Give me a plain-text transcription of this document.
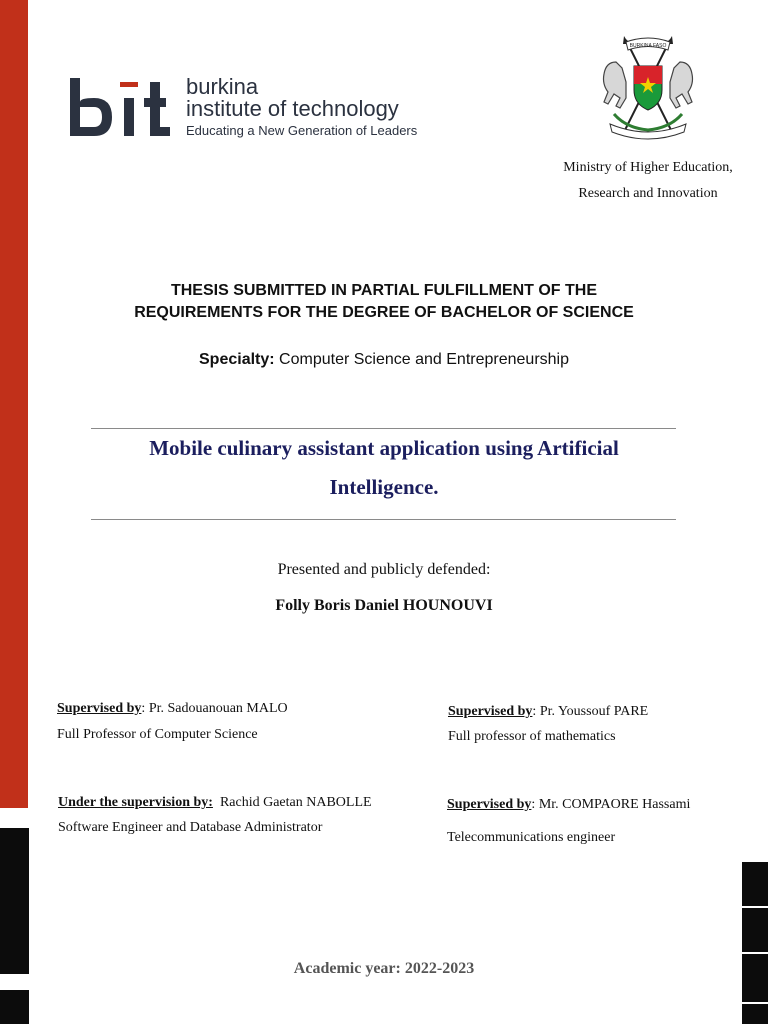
burkina
institute of technology
Educating a New Generation of Leaders
BURKINA FASO
Ministry of Higher Education,
Research and Innovation
THESIS SUBMITTED IN PARTIAL FULFILLMENT OF THE
REQUIREMENTS FOR THE DEGREE OF BACHELOR OF SCIENCE
Specialty: Computer Science and Entrepreneurship
Mobile culinary assistant application using Artificial
Intelligence.
Presented and publicly defended:
Folly Boris Daniel HOUNOUVI
Supervised by: Pr. Sadouanouan MALO
Full Professor of Computer Science
Supervised by: Pr. Youssouf PARE
Full professor of mathematics
Under the supervision by:  Rachid Gaetan NABOLLE
Software Engineer and Database Administrator
Supervised by: Mr. COMPAORE Hassami
Telecommunications engineer
Academic year: 2022-2023
